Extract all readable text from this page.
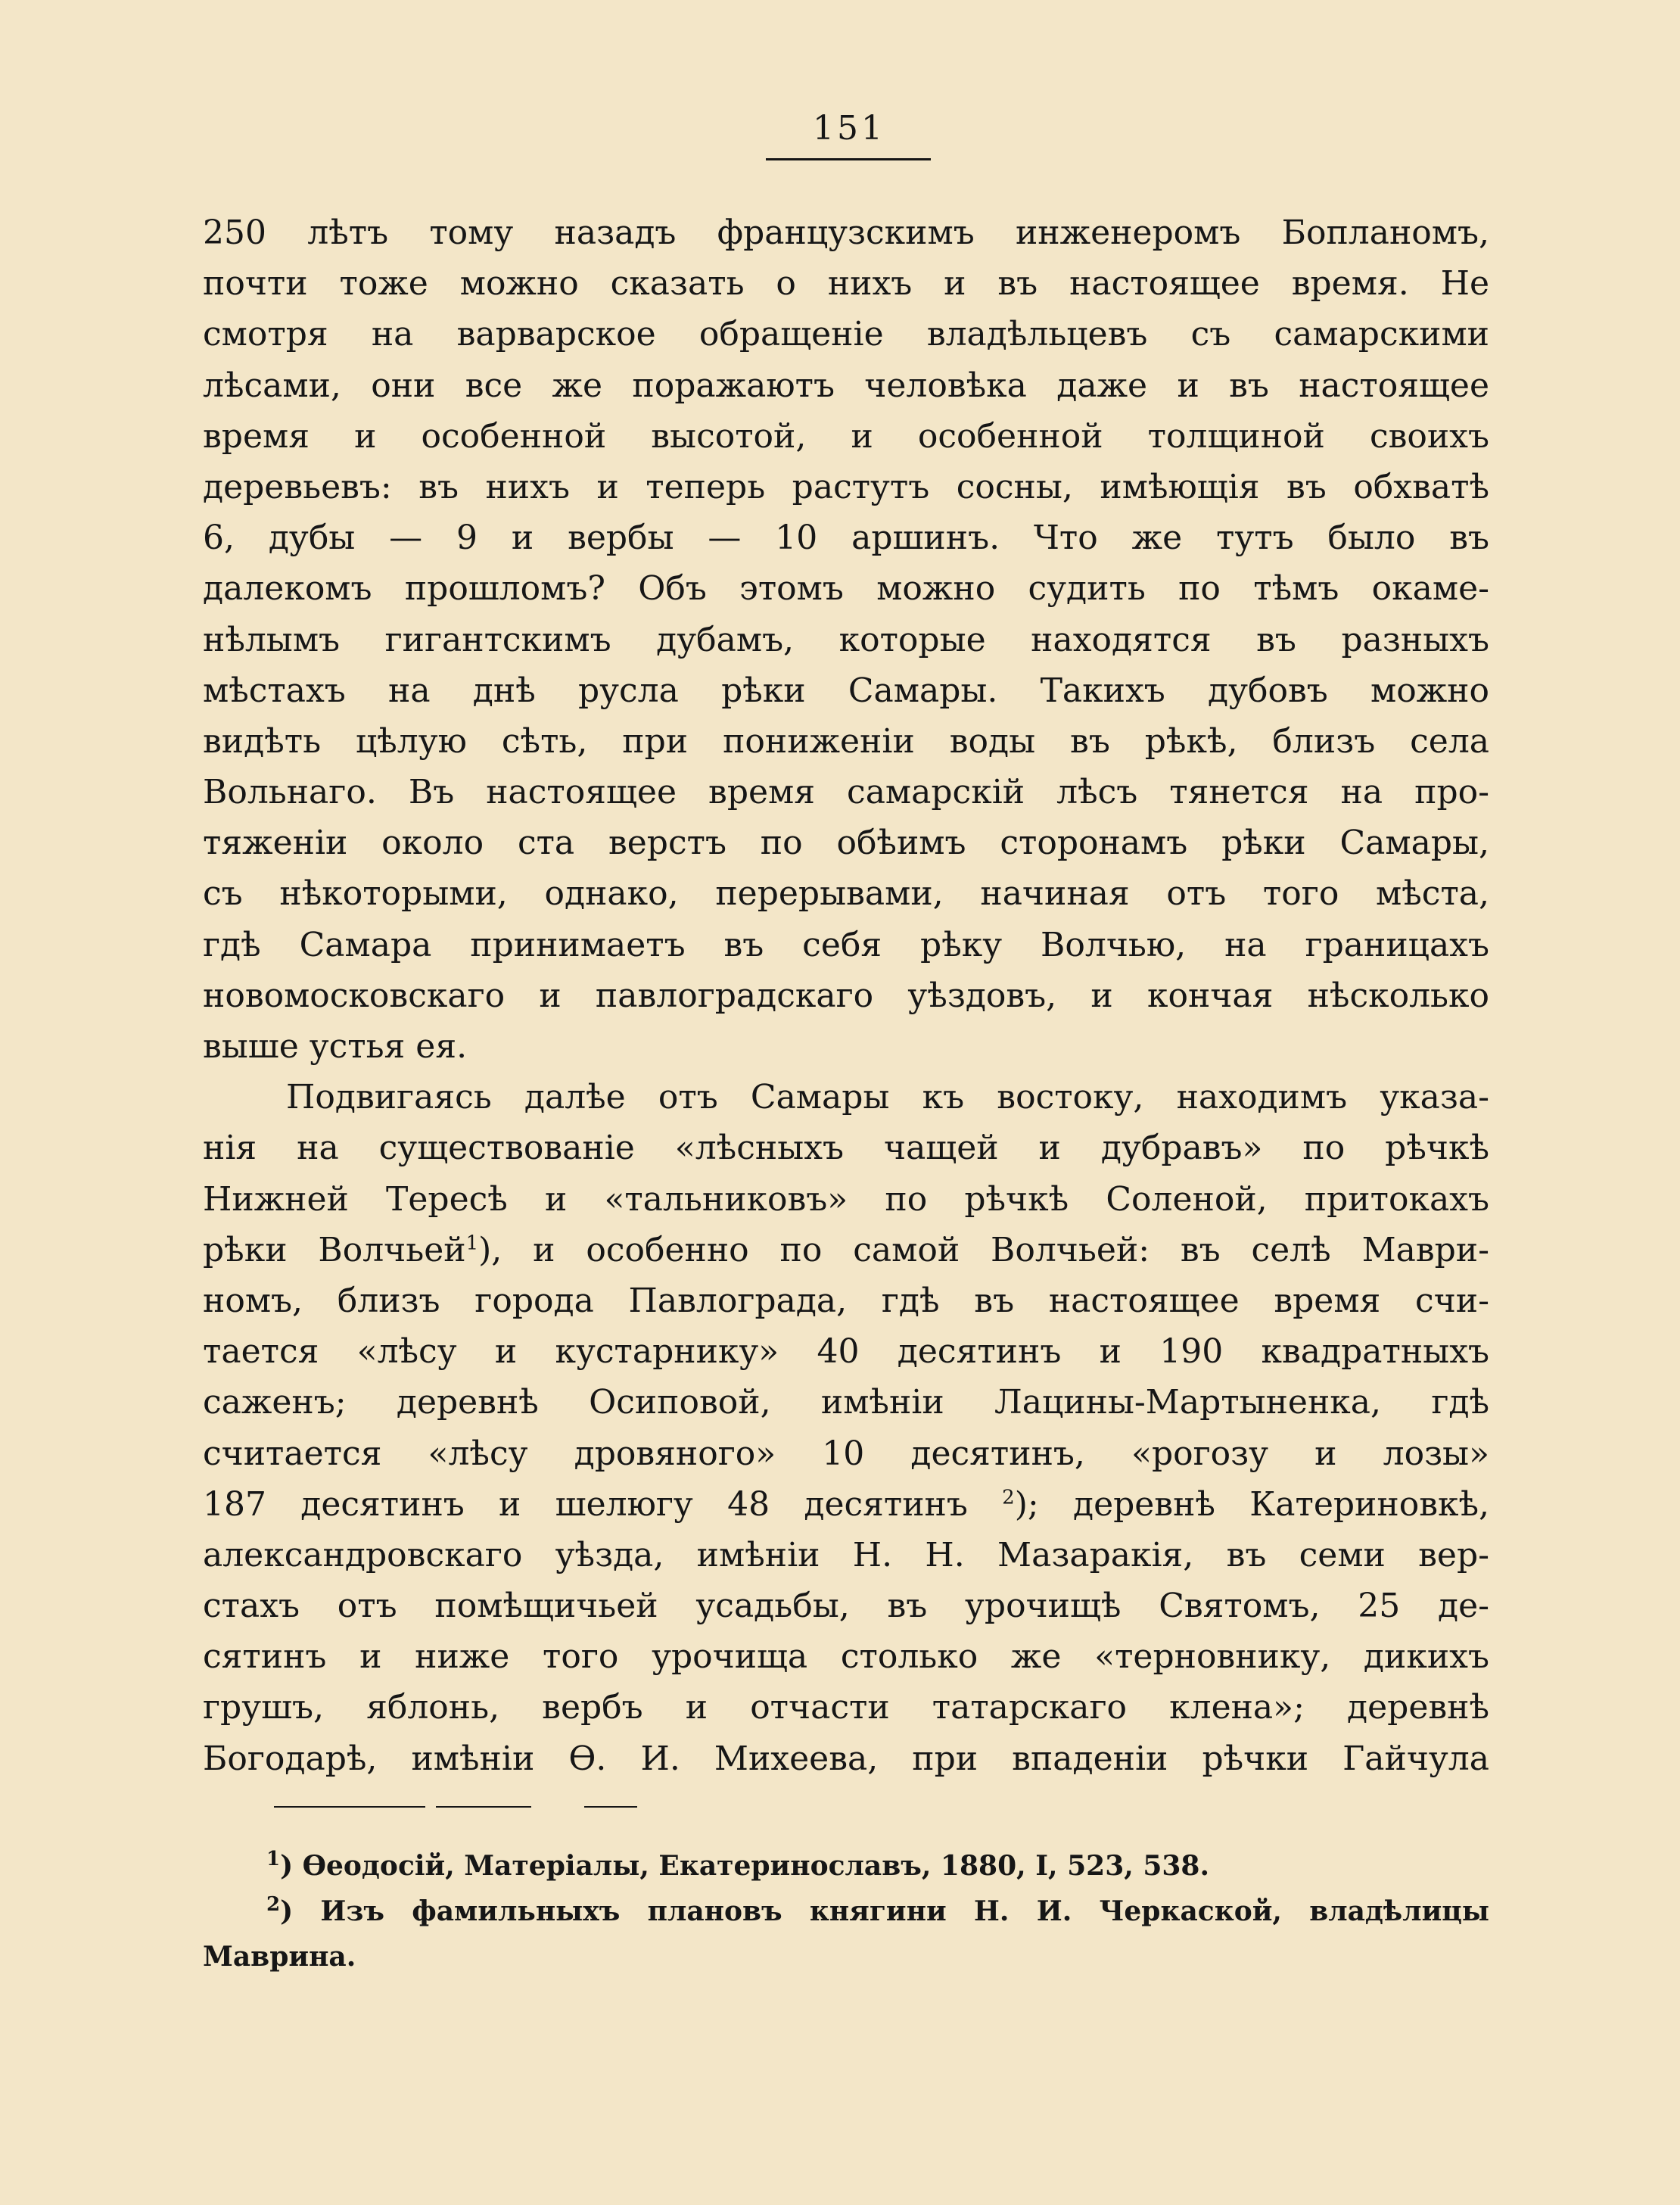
151
250 лѣтъ тому назадъ французскимъ инженеромъ Бопланомъ,
почти тоже можно сказать о нихъ и въ настоящее время. Не
смотря на варварское обращеніе владѣльцевъ съ самарскими
лѣсами, они все же поражаютъ человѣка даже и въ настоящее
время и особенной высотой, и особенной толщиной своихъ
деревьевъ: въ нихъ и теперь растутъ сосны, имѣющія въ обхватѣ
6, дубы — 9 и вербы — 10 аршинъ. Что же тутъ было въ
далекомъ прошломъ? Объ этомъ можно судить по тѣмъ окаме-
нѣлымъ гигантскимъ дубамъ, которые находятся въ разныхъ
мѣстахъ на днѣ русла рѣки Самары. Такихъ дубовъ можно
видѣть цѣлую сѣть, при пониженіи воды въ рѣкѣ, близъ села
Вольнаго. Въ настоящее время самарскій лѣсъ тянется на про-
тяженіи около ста верстъ по обѣимъ сторонамъ рѣки Самары,
съ нѣкоторыми, однако, перерывами, начиная отъ того мѣста,
гдѣ Самара принимаетъ въ себя рѣку Волчью, на границахъ
новомосковскаго и павлоградскаго уѣздовъ, и кончая нѣсколько
выше устья ея.
Подвигаясь далѣе отъ Самары къ востоку, находимъ указа-
нія на существованіе «лѣсныхъ чащей и дубравъ» по рѣчкѣ
Нижней Тересѣ и «тальниковъ» по рѣчкѣ Соленой, притокахъ
рѣки Волчьей$^1$), и особенно по самой Волчьей: въ селѣ Маври-
номъ, близъ города Павлограда, гдѣ въ настоящее время счи-
тается «лѣсу и кустарнику» 40 десятинъ и 190 квадратныхъ
саженъ; деревнѣ Осиповой, имѣніи Лацины-Мартыненка, гдѣ
считается «лѣсу дровяного» 10 десятинъ, «рогозу и лозы»
187 десятинъ и шелюгу 48 десятинъ $^2$); деревнѣ Катериновкѣ,
александровскаго уѣзда, имѣніи Н. Н. Мазаракія, въ семи вер-
стахъ отъ помѣщичьей усадьбы, въ урочищѣ Святомъ, 25 де-
сятинъ и ниже того урочища столько же «терновнику, дикихъ
грушъ, яблонь, вербъ и отчасти татарскаго клена»; деревнѣ
Богодарѣ, имѣніи Ѳ. И. Михеева, при впаденіи рѣчки Гайчула
$^1$) Ѳеодосій, Матеріалы, Екатеринославъ, 1880, I, 523, 538.
$^2$) Изъ фамильныхъ плановъ княгини Н. И. Черкаской, владѣлицы
Маврина.
